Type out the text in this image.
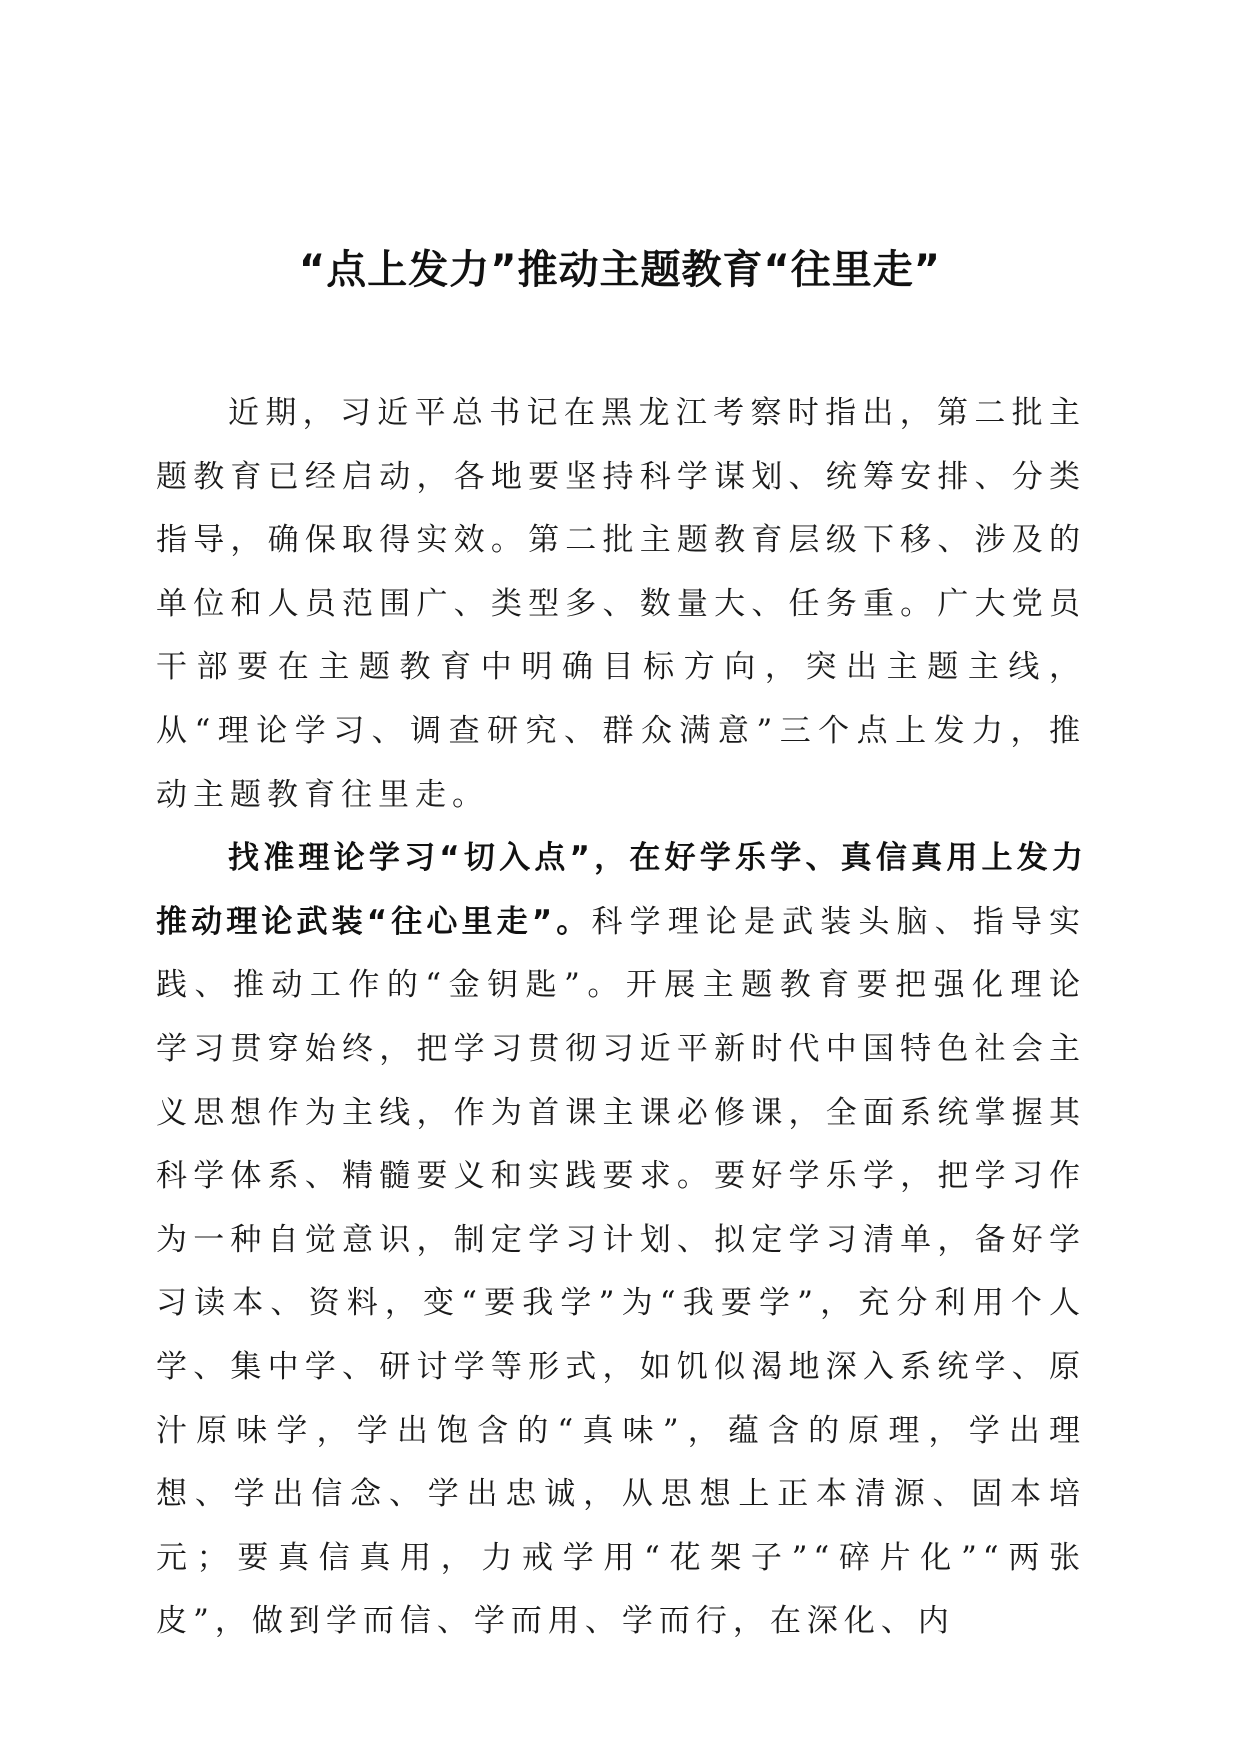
“点上发力”推动主题教育“往里走”

近期，习近平总书记在黑龙江考察时指出，第二批主题教育已经启动，各地要坚持科学谋划、统筹安排、分类指导，确保取得实效。第二批主题教育层级下移、涉及的单位和人员范围广、类型多、数量大、任务重。广大党员干部要在主题教育中明确目标方向，突出主题主线，从“理论学习、调查研究、群众满意”三个点上发力，推动主题教育往里走。

找准理论学习“切入点”，在好学乐学、真信真用上发力推动理论武装“往心里走”。科学理论是武装头脑、指导实践、推动工作的“金钥匙”。开展主题教育要把强化理论学习贯穿始终，把学习贯彻习近平新时代中国特色社会主义思想作为主线，作为首课主课必修课，全面系统掌握其科学体系、精髓要义和实践要求。要好学乐学，把学习作为一种自觉意识，制定学习计划、拟定学习清单，备好学习读本、资料，变“要我学”为“我要学”，充分利用个人学、集中学、研讨学等形式，如饥似渴地深入系统学、原汁原味学，学出饱含的“真味”，蕴含的原理，学出理想、学出信念、学出忠诚，从思想上正本清源、固本培元；要真信真用，力戒学用“花架子”“碎片化”“两张皮”，做到学而信、学而用、学而行，在深化、内
